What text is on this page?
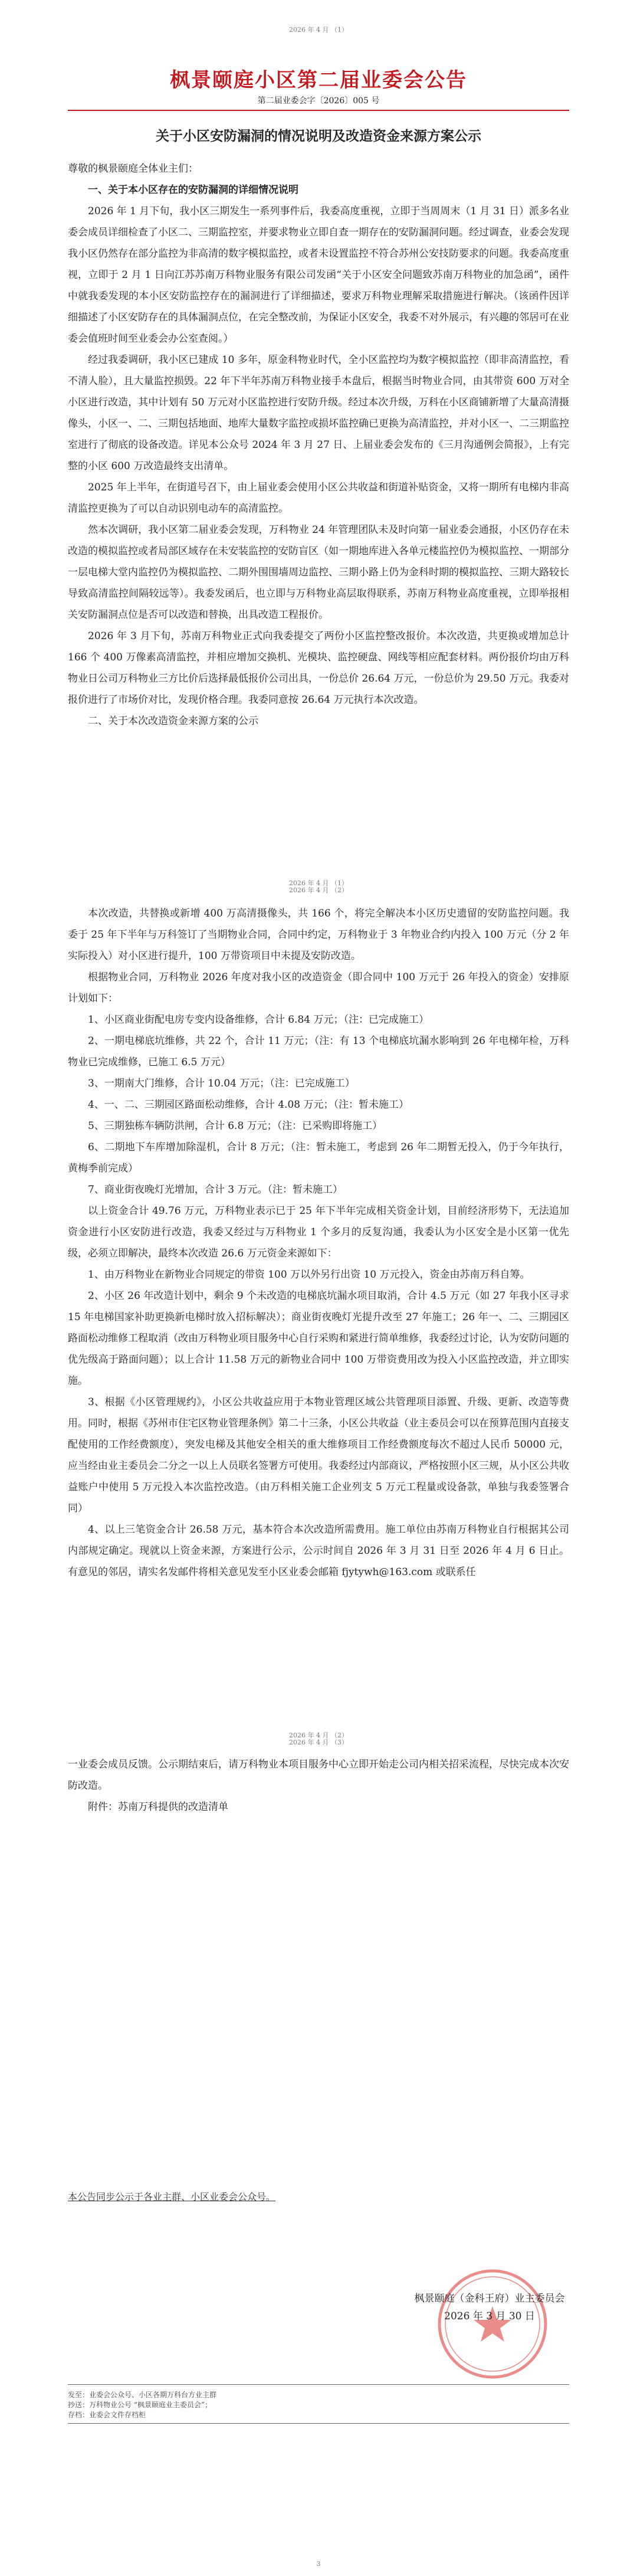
2026 年 4 月 （1）
2026 年 4 月 （1）
2026 年 4 月 （2）
2026 年 4 月 （2）
2026 年 4 月 （3）
枫景颐庭小区第二届业委会公告
第二届业委会字〔2026〕005 号
关于小区安防漏洞的情况说明及改造资金来源方案公示

尊敬的枫景颐庭全体业主们：

一、关于本小区存在的安防漏洞的详细情况说明

2026 年 1 月下旬，我小区三期发生一系列事件后，我委高度重视，立即于当周周末（1 月 31 日）派多名业委会成员详细检查了小区二、三期监控室，并要求物业立即自查一期存在的安防漏洞问题。经过调查，业委会发现我小区仍然存在部分监控为非高清的数字模拟监控，或者未设置监控不符合苏州公安技防要求的问题。我委高度重视，立即于 2 月 1 日向江苏苏南万科物业服务有限公司发函“关于小区安全问题致苏南万科物业的加急函”，函件中就我委发现的本小区安防监控存在的漏洞进行了详细描述，要求万科物业理解采取措施进行解决。（该函件因详细描述了小区安防存在的具体漏洞点位，在完全整改前，为保证小区安全，我委不对外展示，有兴趣的邻居可在业委会值班时间至业委会办公室查阅。）

经过我委调研，我小区已建成 10 多年，原金科物业时代，全小区监控均为数字模拟监控（即非高清监控，看不清人脸），且大量监控损毁。22 年下半年苏南万科物业接手本盘后，根据当时物业合同，由其带资 600 万对全小区进行改造，其中计划有 50 万元对小区监控进行安防升级。经过本次升级，万科在小区商铺新增了大量高清摄像头，小区一、二、三期包括地面、地库大量数字监控或损坏监控确已更换为高清监控，并对小区一、二三期监控室进行了彻底的设备改造。详见本公众号 2024 年 3 月 27 日、上届业委会发布的《三月沟通例会简报》，上有完整的小区 600 万改造最终支出清单。

2025 年上半年，在街道号召下，由上届业委会使用小区公共收益和街道补贴资金，又将一期所有电梯内非高清监控更换为了可以自动识别电动车的高清监控。

然本次调研，我小区第二届业委会发现，万科物业 24 年管理团队未及时向第一届业委会通报，小区仍存在未改造的模拟监控或者局部区域存在未安装监控的安防盲区（如一期地库进入各单元楼监控仍为模拟监控、一期部分一层电梯大堂内监控仍为模拟监控、二期外围围墙周边监控、三期小路上仍为金科时期的模拟监控、三期大路较长导致高清监控间隔较远等）。我委发函后，也立即与万科物业高层取得联系，苏南万科物业高度重视，立即举报相关安防漏洞点位是否可以改造和替换，出具改造工程报价。

2026 年 3 月下旬，苏南万科物业正式向我委提交了两份小区监控整改报价。本次改造，共更换或增加总计 166 个 400 万像素高清监控，并相应增加交换机、光模块、监控硬盘、网线等相应配套材料。两份报价均由万科物业日公司万科物业三方比价后选择最低报价公司出具，一份总价 26.64 万元，一份总价为 29.50 万元。我委对报价进行了市场价对比，发现价格合理。我委同意按 26.64 万元执行本次改造。

二、关于本次改造资金来源方案的公示

本次改造，共替换或新增 400 万高清摄像头，共 166 个，将完全解决本小区历史遗留的安防监控问题。我委于 25 年下半年与万科签订了当期物业合同，合同中约定，万科物业于 3 年物业合约内投入 100 万元（分 2 年实际投入）对小区进行提升，100 万带资项目中未提及安防改造。

根据物业合同，万科物业 2026 年度对我小区的改造资金（即合同中 100 万元于 26 年投入的资金）安排原计划如下：

1、小区商业街配电房专变内设备维修，合计 6.84 万元；（注：已完成施工）

2、一期电梯底坑维修，共 22 个，合计 11 万元；（注：有 13 个电梯底坑漏水影响到 26 年电梯年检，万科物业已完成维修，已施工 6.5 万元）

3、一期南大门维修，合计 10.04 万元；（注：已完成施工）

4、一、二、三期园区路面松动维修，合计 4.08 万元；（注：暂未施工）

5、三期独栋车辆防洪闸，合计 6.8 万元；（注：已采购即将施工）

6、二期地下车库增加除湿机，合计 8 万元；（注：暂未施工，考虑到 26 年二期暂无投入，仍于今年执行，黄梅季前完成）

7、商业街夜晚灯光增加，合计 3 万元。（注：暂未施工）

以上资金合计 49.76 万元，万科物业表示已于 25 年下半年完成相关资金计划，目前经济形势下，无法追加资金进行小区安防进行改造，我委又经过与万科物业 1 个多月的反复沟通，我委认为小区安全是小区第一优先级，必须立即解决，最终本次改造 26.6 万元资金来源如下：

1、由万科物业在新物业合同规定的带资 100 万以外另行出资 10 万元投入，资金由苏南万科自筹。

2、小区 26 年改造计划中，剩余 9 个未改造的电梯底坑漏水项目取消，合计 4.5 万元（如 27 年我小区寻求 15 年电梯国家补助更换新电梯时放入招标解决）；商业街夜晚灯光提升改至 27 年施工；26 年一、二、三期园区路面松动维修工程取消（改由万科物业项目服务中心自行采购和紧进行简单维修，我委经过讨论，认为安防问题的优先级高于路面问题）；以上合计 11.58 万元的新物业合同中 100 万带资费用改为投入小区监控改造，并立即实施。

3、根据《小区管理规约》，小区公共收益应用于本物业管理区域公共管理项目添置、升级、更新、改造等费用。同时，根据《苏州市住宅区物业管理条例》第二十三条，小区公共收益（业主委员会可以在预算范围内直接支配使用的工作经费额度），突发电梯及其他安全相关的重大维修项目工作经费额度每次不超过人民币 50000 元，应当经由业主委员会二分之一以上人员联名签署方可使用。我委经过内部商议，严格按照小区三规，从小区公共收益账户中使用 5 万元投入本次监控改造。（由万科相关施工企业列支 5 万元工程量或设备款，单独与我委签署合同）

4、以上三笔资金合计 26.58 万元，基本符合本次改造所需费用。施工单位由苏南万科物业自行根据其公司内部规定确定。现就以上资金来源，方案进行公示，公示时间自 2026 年 3 月 31 日至 2026 年 4 月 6 日止。有意见的邻居，请实名发邮件将相关意见发至小区业委会邮箱 fjytywh@163.com 或联系任

一业委会成员反馈。公示期结束后，请万科物业本项目服务中心立即开始走公司内相关招采流程，尽快完成本次安防改造。

附件：苏南万科提供的改造清单

本公告同步公示于各业主群、小区业委会公众号。
枫景颐庭（金科王府）业主委员会
2026 年 3 月 30 日
发至：业委会公众号、小区各期万科台方业主群
抄送：万科物业公号 “枫景颐庭业主委员会”；
存档：业委会文件存档柜
3
